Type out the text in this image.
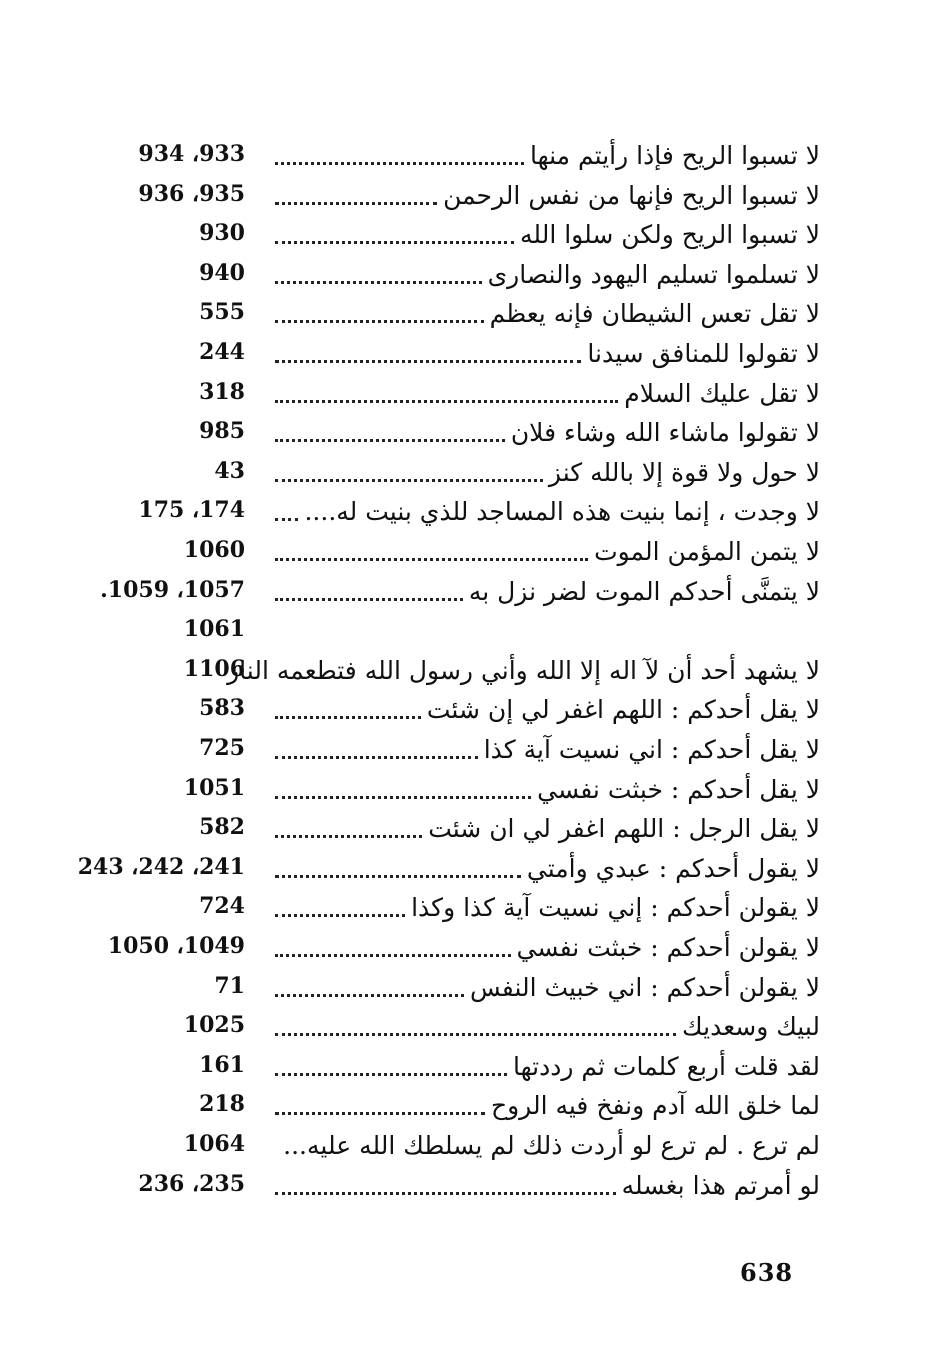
لا تسبوا الريح فإذا رأيتم منها
934 ،933
لا تسبوا الريح فإنها من نفس الرحمن
936 ،935
لا تسبوا الريح ولكن سلوا الله
930
لا تسلموا تسليم اليهود والنصارى
940
لا تقل تعس الشيطان فإنه يعظم
555
لا تقولوا للمنافق سيدنا
244
لا تقل عليك السلام
318
لا تقولوا ماشاء الله وشاء فلان
985
لا حول ولا قوة إلا بالله كنز
43
لا وجدت ، إنما بنيت هذه المساجد للذي بنيت له....
175 ،174
لا يتمن المؤمن الموت
1060
لا يتمنَّى أحدكم الموت لضر نزل به
.1059 ،1057
1061
لا يشهد أحد أن لآ اله إلا الله وأني رسول الله فتطعمه النار
1106
لا يقل أحدكم : اللهم اغفر لي إن شئت
583
لا يقل أحدكم : اني نسيت آية كذا
725
لا يقل أحدكم : خبثت نفسي
1051
لا يقل الرجل : اللهم اغفر لي ان شئت
582
لا يقول أحدكم : عبدي وأمتي
243 ،242 ،241
لا يقولن أحدكم : إني نسيت آية كذا وكذا
724
لا يقولن أحدكم : خبثت نفسي
1050 ،1049
لا يقولن أحدكم : اني خبيث النفس
71
لبيك وسعديك
1025
لقد قلت أربع كلمات ثم رددتها
161
لما خلق الله آدم ونفخ فيه الروح
218
لم ترع . لم ترع لو أردت ذلك لم يسلطك الله عليه...
1064
لو أمرتم هذا بغسله
236 ،235
638
